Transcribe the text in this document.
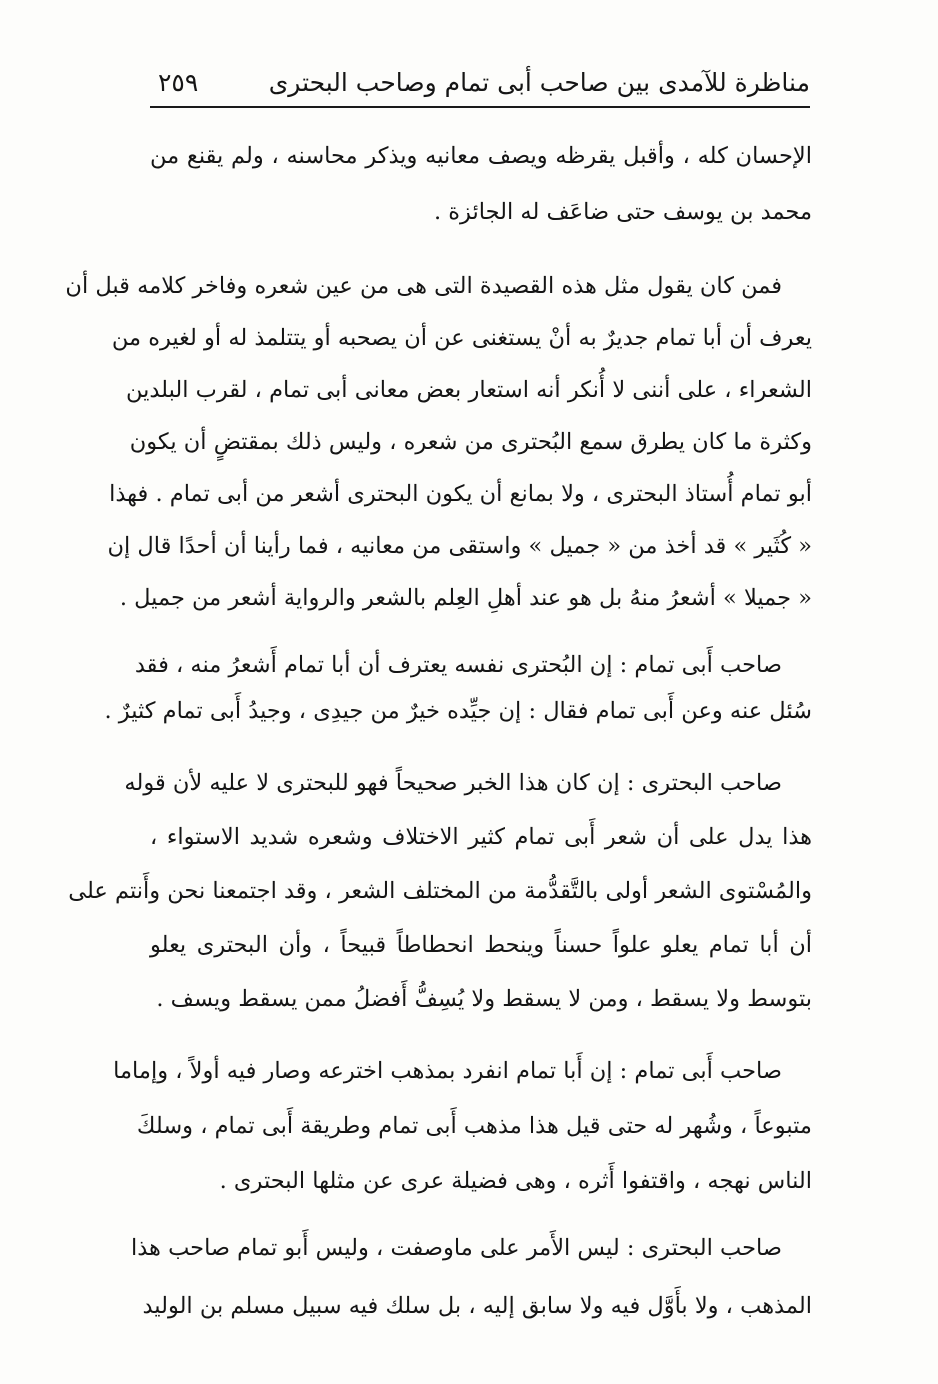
مناظرة للآمدى بين صاحب أبى تمام وصاحب البحترى
٢٥٩
الإحسان كله ، وأقبل يقرظه ويصف معانيه ويذكر محاسنه ، ولم يقنع من
محمد بن يوسف حتى ضاعَف له الجائزة .
فمن كان يقول مثل هذه القصيدة التى هى من عين شعره وفاخر كلامه قبل أن
يعرف أن أبا تمام جديرٌ به أنْ يستغنى عن أن يصحبه أو يتتلمذ له أو لغيره من
الشعراء ، على أننى لا أُنكر أنه استعار بعض معانى أبى تمام ، لقرب البلدين
وكثرة ما كان يطرق سمع البُحترى من شعره ، وليس ذلك بمقتضٍ أن يكون
أبو تمام أُستاذ البحترى ، ولا بمانع أن يكون البحترى أشعر من أبى تمام . فهذا
« كُثَير » قد أخذ من « جميل » واستقى من معانيه ، فما رأينا أن أحدًا قال إن
« جميلا » أشعرُ منهُ بل هو عند أهلِ العِلم بالشعر والرواية أشعر من جميل .
صاحب أَبى تمام : إن البُحترى نفسه يعترف أن أبا تمام أَشعرُ منه ، فقد
سُئل عنه وعن أَبى تمام فقال : إن جيِّده خيرٌ من جيدِى ، وجيدُ أَبى تمام كثيرٌ .
صاحب البحترى : إن كان هذا الخبر صحيحاً فهو للبحترى لا عليه لأن قوله
هذا يدل على أن شعر أَبى تمام كثير الاختلاف وشعره شديد الاستواء ،
والمُسْتوى الشعر أولى بالتَّقدُّمة من المختلف الشعر ، وقد اجتمعنا نحن وأَنتم على
أن أبا تمام يعلو علواً حسناً وينحط انحطاطاً قبيحاً ، وأن البحترى يعلو
بتوسط ولا يسقط ، ومن لا يسقط ولا يُسِفُّ أَفضلُ ممن يسقط ويسف .
صاحب أَبى تمام : إن أَبا تمام انفرد بمذهب اخترعه وصار فيه أولاً ، وإماما
متبوعاً ، وشُهر له حتى قيل هذا مذهب أَبى تمام وطريقة أَبى تمام ، وسلكَ
الناس نهجه ، واقتفوا أَثره ، وهى فضيلة عرى عن مثلها البحترى .
صاحب البحترى : ليس الأَمر على ماوصفت ، وليس أَبو تمام صاحب هذا
المذهب ، ولا بأَوَّل فيه ولا سابق إليه ، بل سلك فيه سبيل مسلم بن الوليد
